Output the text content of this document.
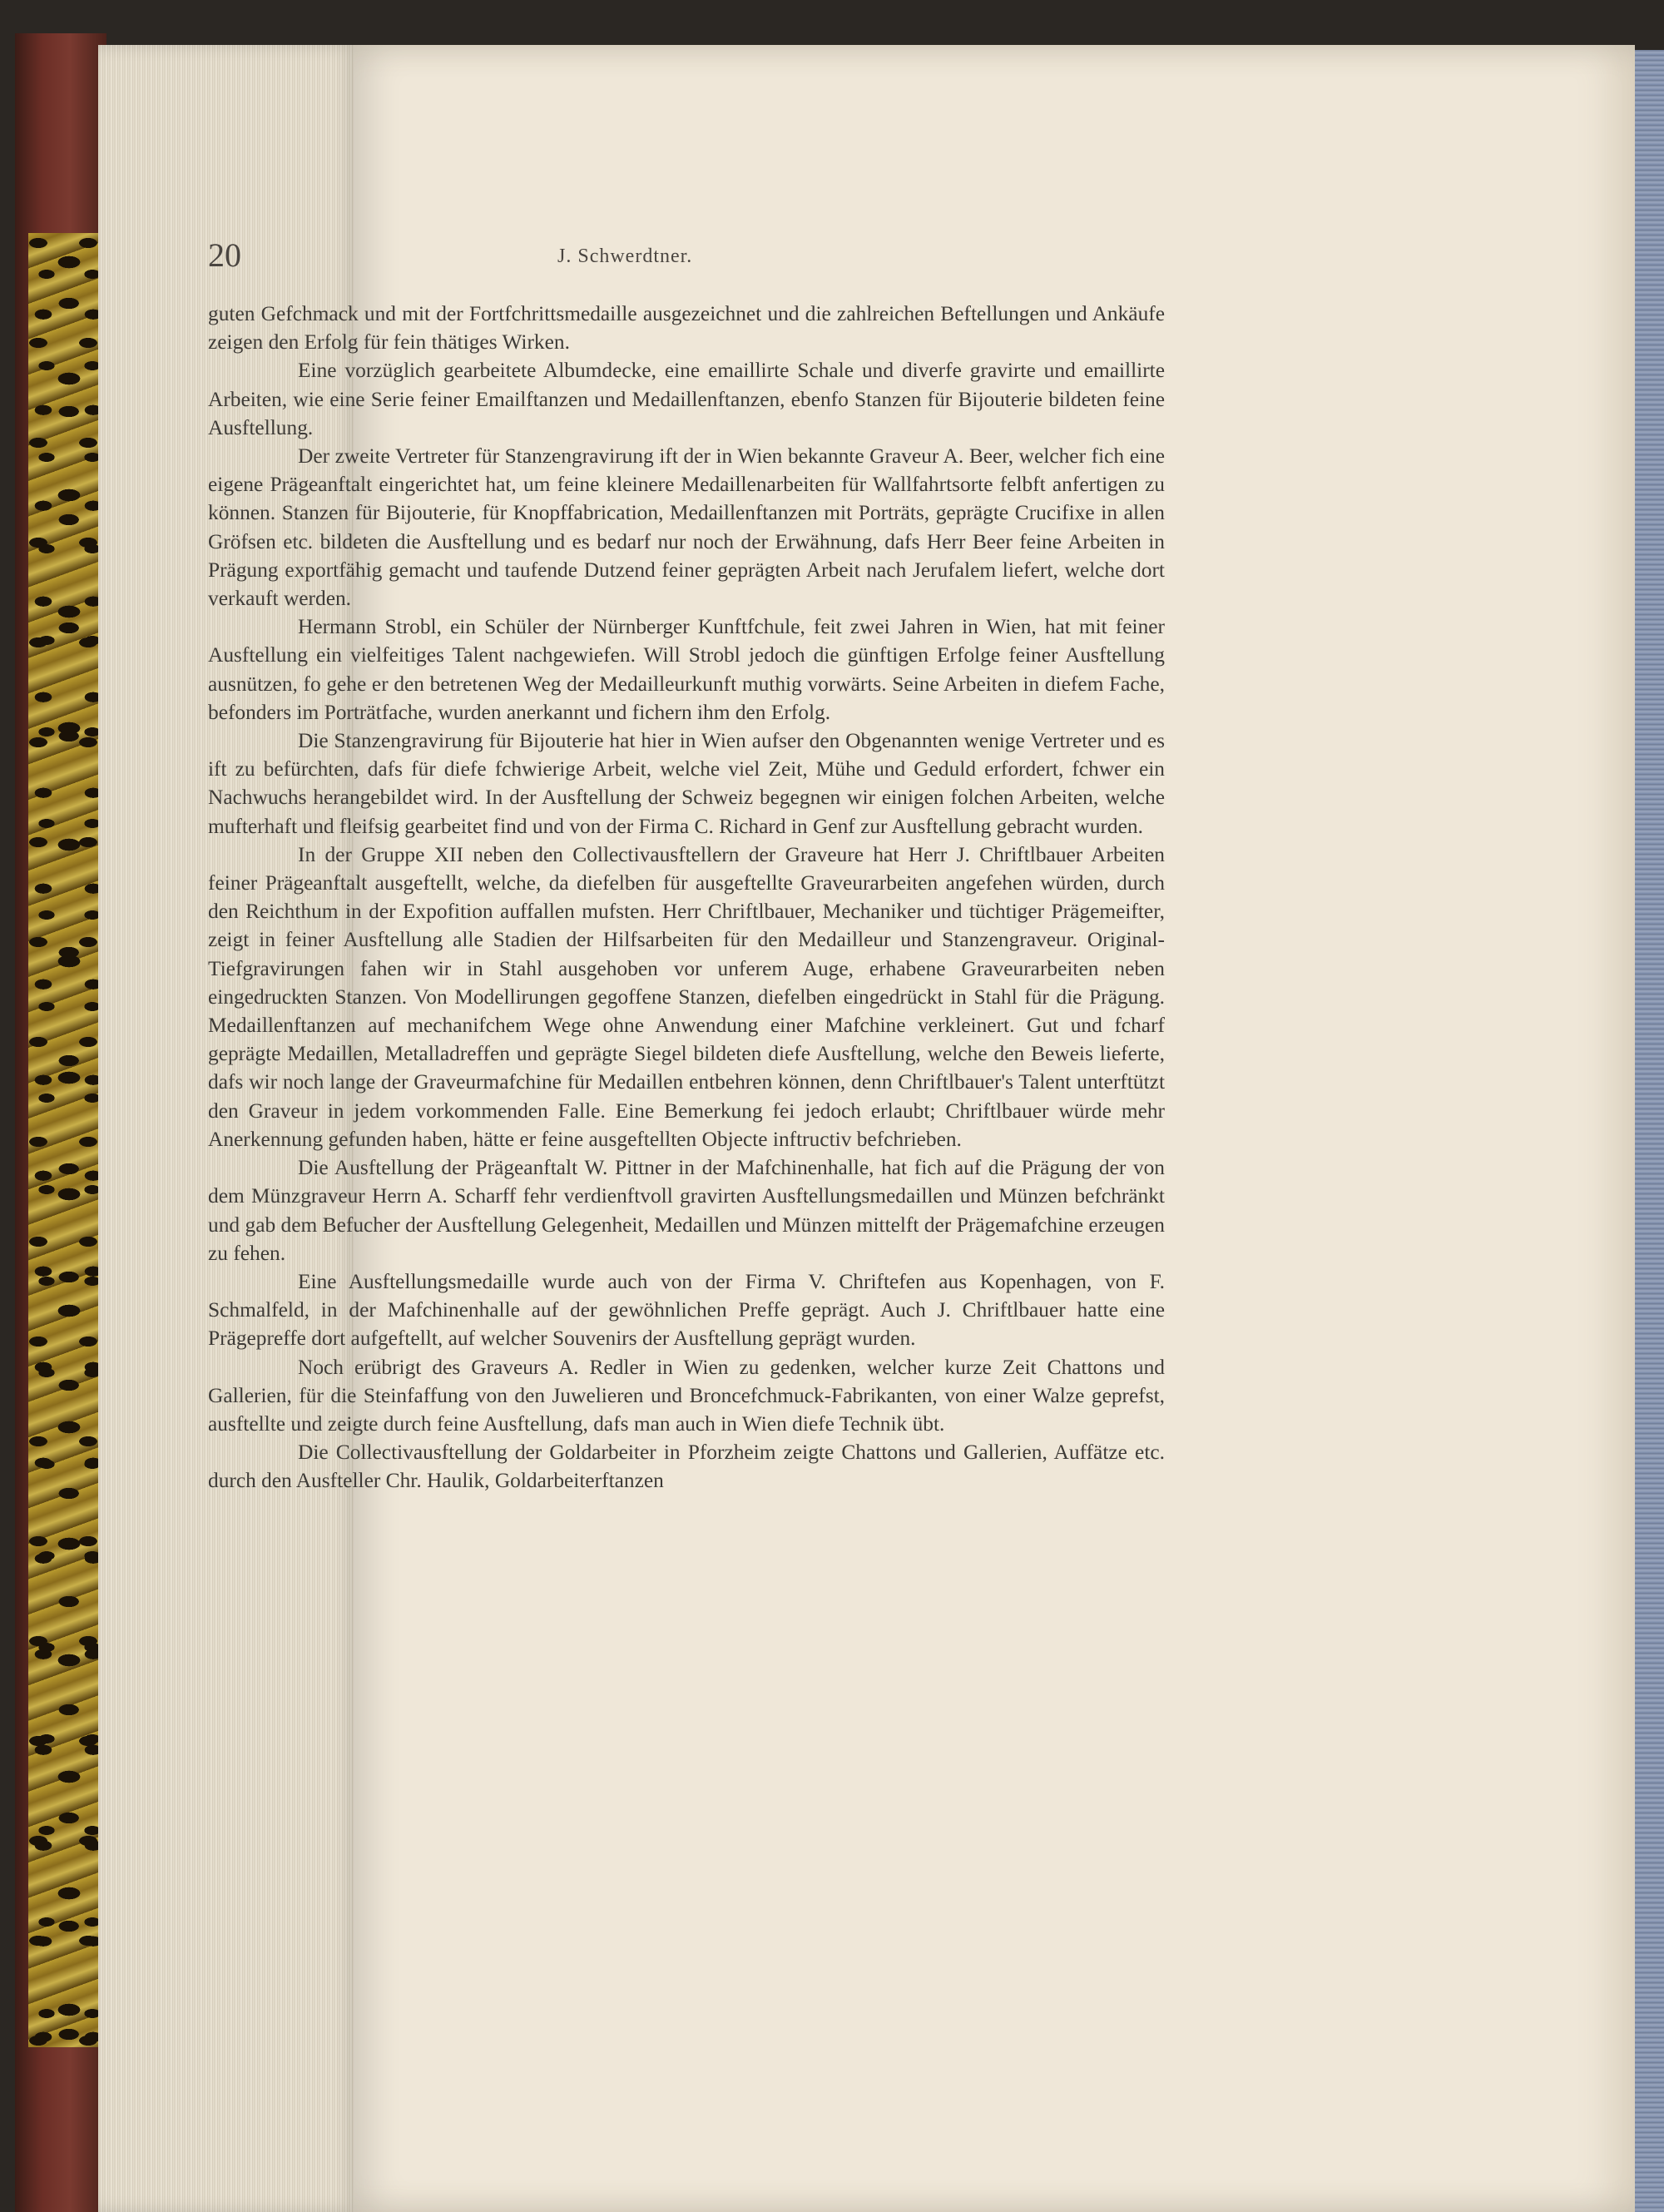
20	J. Schwerdtner.

guten Gefchmack und mit der Fortfchrittsmedaille ausgezeichnet und die zahlreichen Beftellungen und Ankäufe zeigen den Erfolg für fein thätiges Wirken.

Eine vorzüglich gearbeitete Albumdecke, eine emaillirte Schale und diverfe gravirte und emaillirte Arbeiten, wie eine Serie feiner Emailftanzen und Medaillenftanzen, ebenfo Stanzen für Bijouterie bildeten feine Ausftellung.

Der zweite Vertreter für Stanzengravirung ift der in Wien bekannte Graveur A. Beer, welcher fich eine eigene Prägeanftalt eingerichtet hat, um feine kleinere Medaillenarbeiten für Wallfahrtsorte felbft anfertigen zu können. Stanzen für Bijouterie, für Knopffabrication, Medaillenftanzen mit Porträts, geprägte Crucifixe in allen Gröfsen etc. bildeten die Ausftellung und es bedarf nur noch der Erwähnung, dafs Herr Beer feine Arbeiten in Prägung exportfähig gemacht und taufende Dutzend feiner geprägten Arbeit nach Jerufalem liefert, welche dort verkauft werden.

Hermann Strobl, ein Schüler der Nürnberger Kunftfchule, feit zwei Jahren in Wien, hat mit feiner Ausftellung ein vielfeitiges Talent nachgewiefen. Will Strobl jedoch die günftigen Erfolge feiner Ausftellung ausnützen, fo gehe er den betretenen Weg der Medailleurkunft muthig vorwärts. Seine Arbeiten in diefem Fache, befonders im Porträtfache, wurden anerkannt und fichern ihm den Erfolg.

Die Stanzengravirung für Bijouterie hat hier in Wien aufser den Obgenannten wenige Vertreter und es ift zu befürchten, dafs für diefe fchwierige Arbeit, welche viel Zeit, Mühe und Geduld erfordert, fchwer ein Nachwuchs herangebildet wird. In der Ausftellung der Schweiz begegnen wir einigen folchen Arbeiten, welche mufterhaft und fleifsig gearbeitet find und von der Firma C. Richard in Genf zur Ausftellung gebracht wurden.

In der Gruppe XII neben den Collectivausftellern der Graveure hat Herr J. Chriftlbauer Arbeiten feiner Prägeanftalt ausgeftellt, welche, da diefelben für ausgeftellte Graveurarbeiten angefehen würden, durch den Reichthum in der Expofition auffallen mufsten. Herr Chriftlbauer, Mechaniker und tüchtiger Prägemeifter, zeigt in feiner Ausftellung alle Stadien der Hilfsarbeiten für den Medailleur und Stanzengraveur. Original-Tiefgravirungen fahen wir in Stahl ausgehoben vor unferem Auge, erhabene Graveurarbeiten neben eingedruckten Stanzen. Von Modellirungen gegoffene Stanzen, diefelben eingedrückt in Stahl für die Prägung. Medaillenftanzen auf mechanifchem Wege ohne Anwendung einer Mafchine verkleinert. Gut und fcharf geprägte Medaillen, Metalladreffen und geprägte Siegel bildeten diefe Ausftellung, welche den Beweis lieferte, dafs wir noch lange der Graveurmafchine für Medaillen entbehren können, denn Chriftlbauer's Talent unterftützt den Graveur in jedem vorkommenden Falle. Eine Bemerkung fei jedoch erlaubt; Chriftlbauer würde mehr Anerkennung gefunden haben, hätte er feine ausgeftellten Objecte inftructiv befchrieben.

Die Ausftellung der Prägeanftalt W. Pittner in der Mafchinenhalle, hat fich auf die Prägung der von dem Münzgraveur Herrn A. Scharff fehr verdienftvoll gravirten Ausftellungsmedaillen und Münzen befchränkt und gab dem Befucher der Ausftellung Gelegenheit, Medaillen und Münzen mittelft der Prägemafchine erzeugen zu fehen.

Eine Ausftellungsmedaille wurde auch von der Firma V. Chriftefen aus Kopenhagen, von F. Schmalfeld, in der Mafchinenhalle auf der gewöhnlichen Preffe geprägt. Auch J. Chriftlbauer hatte eine Prägepreffe dort aufgeftellt, auf welcher Souvenirs der Ausftellung geprägt wurden.

Noch erübrigt des Graveurs A. Redler in Wien zu gedenken, welcher kurze Zeit Chattons und Gallerien, für die Steinfaffung von den Juwelieren und Broncefchmuck-Fabrikanten, von einer Walze geprefst, ausftellte und zeigte durch feine Ausftellung, dafs man auch in Wien diefe Technik übt.

Die Collectivausftellung der Goldarbeiter in Pforzheim zeigte Chattons und Gallerien, Auffätze etc. durch den Ausfteller Chr. Haulik, Goldarbeiterftanzen
